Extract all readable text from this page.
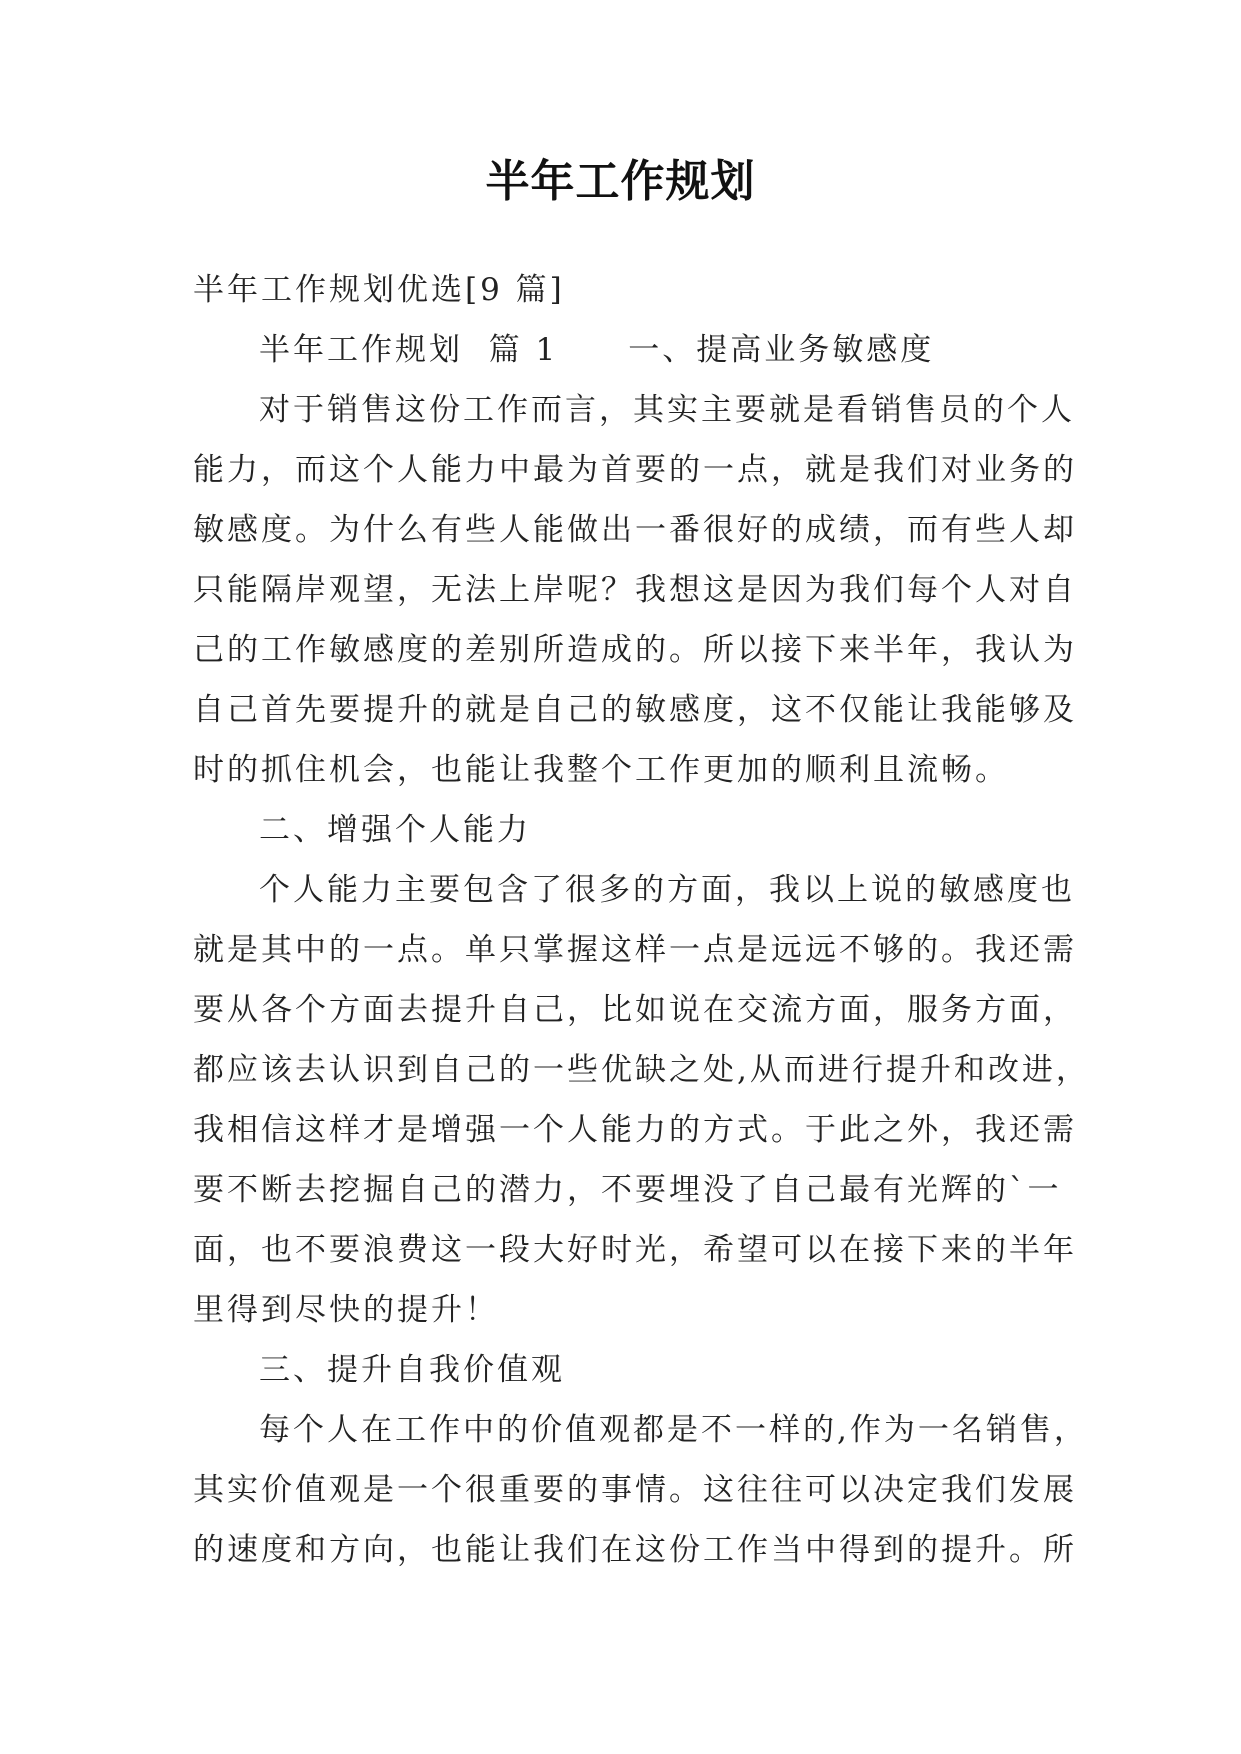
半年工作规划
半年工作规划优选[9 篇]
半年工作规划  篇 1 一、提高业务敏感度
对于销售这份工作而言，其实主要就是看销售员的个人
能力，而这个人能力中最为首要的一点，就是我们对业务的
敏感度。为什么有些人能做出一番很好的成绩，而有些人却
只能隔岸观望，无法上岸呢？我想这是因为我们每个人对自
己的工作敏感度的差别所造成的。所以接下来半年，我认为
自己首先要提升的就是自己的敏感度，这不仅能让我能够及
时的抓住机会，也能让我整个工作更加的顺利且流畅。
二、增强个人能力
个人能力主要包含了很多的方面，我以上说的敏感度也
就是其中的一点。单只掌握这样一点是远远不够的。我还需
要从各个方面去提升自己，比如说在交流方面，服务方面，
都应该去认识到自己的一些优缺之处,从而进行提升和改进，
我相信这样才是增强一个人能力的方式。于此之外，我还需
要不断去挖掘自己的潜力，不要埋没了自己最有光辉的`一
面，也不要浪费这一段大好时光，希望可以在接下来的半年
里得到尽快的提升！
三、提升自我价值观
每个人在工作中的价值观都是不一样的,作为一名销售，
其实价值观是一个很重要的事情。这往往可以决定我们发展
的速度和方向，也能让我们在这份工作当中得到的提升。所
